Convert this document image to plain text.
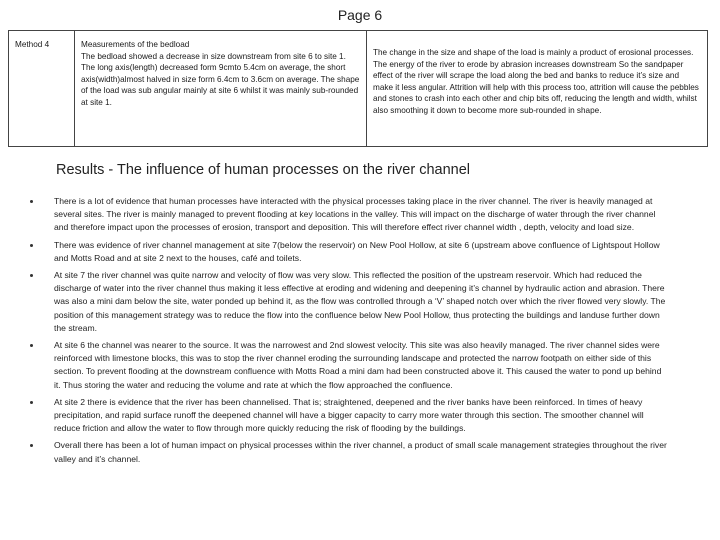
Page 6
Method 4	Measurements of the bedload
The bedload showed a decrease in size downstream from site 6 to site 1. The long axis(length) decreased form 9cmto 5.4cm on average, the short axis(width)almost halved in size form 6.4cm to 3.6cm on average. The shape of the load was sub angular mainly at site 6 whilst it was mainly sub-rounded at site 1.
The change in the size and shape of the load is mainly a product of erosional processes. The energy of the river to erode by abrasion increases downstream So the sandpaper effect of the river will scrape the load along the bed and banks to reduce it’s size and make it less angular. Attrition will help with this process too, attrition will cause the pebbles and stones to crash into each other and chip bits off, reducing the length and width, whilst also smoothing it down to become more sub-rounded in shape.
Results - The influence of human processes on the river channel
There is a lot of evidence that human processes have interacted with the physical processes taking place in the river channel. The river is heavily managed at several sites. The river is mainly managed to prevent flooding at key locations in the valley. This will impact on the discharge of water through the river channel and therefore impact upon the processes of erosion, transport and deposition. This will therefore effect river channel width , depth, velocity and load size.
There was evidence of river channel management at site 7(below the reservoir) on New Pool Hollow, at site 6 (upstream above confluence of Lightspout Hollow and Motts Road and at site 2 next to the houses, café and toilets.
At site 7 the river channel was quite narrow and velocity of flow was very slow. This reflected the position of the upstream reservoir. Which had reduced the discharge of water into the river channel thus making it less effective at eroding and widening and deepening it’s channel by hydraulic action and abrasion. There was also a mini dam below the site, water ponded up behind it, as the flow was controlled through a ‘V’ shaped notch over which the river flowed very slowly. The position of this management strategy was to reduce the flow into the confluence below New Pool Hollow, thus protecting the buildings and landuse further down the stream.
At site 6 the channel was nearer to the source. It was the narrowest and 2nd slowest velocity. This site was also heavily managed. The river channel sides were reinforced with limestone blocks, this was to stop the river channel eroding the surrounding landscape and protected the narrow footpath on either side of this section. To prevent flooding at the downstream confluence with Motts Road a mini dam had been constructed above it. This caused the water to pond up behind it. Thus storing the water and reducing the volume and rate at which the flow approached the confluence.
At site 2 there is evidence that the river has been channelised. That is; straightened, deepened and the river banks have been reinforced. In times of heavy precipitation, and rapid surface runoff the deepened channel will have a bigger capacity to carry more water through this section. The smoother channel will reduce friction and allow the water to flow through more quickly reducing the risk of flooding by the buildings.
Overall there has been a lot of human impact on physical processes within the river channel, a product of small scale management strategies throughout the river valley and it’s channel.
